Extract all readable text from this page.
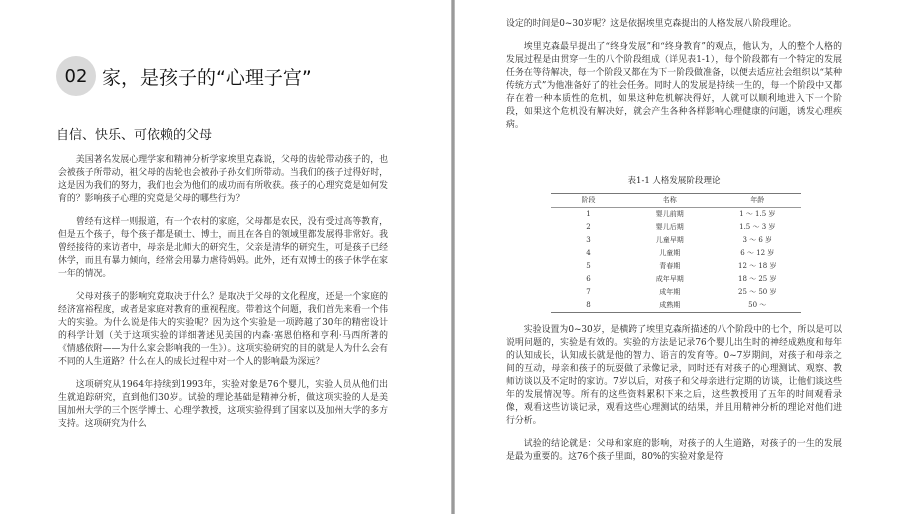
02 家，是孩子的“心理子宫”
自信、快乐、可依赖的父母

美国著名发展心理学家和精神分析学家埃里克森说，父母的齿轮带动孩子的，也会被孩子所带动，祖父母的齿轮也会被孙子孙女们所带动。当我们的孩子过得好时，这是因为我们的努力，我们也会为他们的成功而有所收获。孩子的心理究竟是如何发育的？影响孩子心理的究竟是父母的哪些行为？

曾经有这样一则报道，有一个农村的家庭，父母都是农民，没有受过高等教育，但是五个孩子，每个孩子都是硕士、博士，而且在各自的领域里都发展得非常好。我曾经接待的来访者中，母亲是北师大的研究生，父亲是清华的研究生，可是孩子已经休学，而且有暴力倾向，经常会用暴力虐待妈妈。此外，还有双博士的孩子休学在家一年的情况。

父母对孩子的影响究竟取决于什么？是取决于父母的文化程度，还是一个家庭的经济富裕程度，或者是家庭对教育的重视程度。带着这个问题，我们首先来看一个伟大的实验。为什么说是伟大的实验呢？因为这个实验是一项跨越了30年的精密设计的科学计划（关于这项实验的详细著述见美国的内森·塞恩伯格和亨利·马西所著的《情感依附——为什么家会影响我的一生》）。这项实验研究的目的就是人为什么会有不同的人生道路？什么在人的成长过程中对一个人的影响最为深远？

这项研究从1964年持续到1993年，实验对象是76个婴儿，实验人员从他们出生就追踪研究，直到他们30岁。试验的理论基础是精神分析，做这项实验的人是美国加州大学的三个医学博士、心理学教授，这项实验得到了国家以及加州大学的多方支持。这项研究为什么

设定的时间是0~30岁呢？这是依据埃里克森提出的人格发展八阶段理论。

埃里克森最早提出了“终身发展”和“终身教育”的观点，他认为，人的整个人格的发展过程是由贯穿一生的八个阶段组成（详见表1-1），每个阶段都有一个特定的发展任务在等待解决，每一个阶段又都在为下一阶段做准备，以便去适应社会组织以“某种传统方式”为他准备好了的社会任务。同时人的发展是持续一生的，每一个阶段中又都存在着一种本质性的危机，如果这种危机解决得好，人就可以顺利地进入下一个阶段，如果这个危机没有解决好，就会产生各种各样影响心理健康的问题，诱发心理疾病。

表1-1 人格发展阶段理论
阶段	名称	年龄
1	婴儿前期	1 ～ 1.5 岁
2	婴儿后期	1.5 ～ 3 岁
3	儿童早期	3 ～ 6 岁
4	儿童期	6 ～ 12 岁
5	青春期	12 ～ 18 岁
6	成年早期	18 ～ 25 岁
7	成年期	25 ～ 50 岁
8	成熟期	50 ～

实验设置为0~30岁，是横跨了埃里克森所描述的八个阶段中的七个，所以是可以说明问题的，实验是有效的。实验的方法是记录76个婴儿出生时的神经成熟度和每年的认知成长，认知成长就是他的智力、语言的发育等。0~7岁期间，对孩子和母亲之间的互动，母亲和孩子的玩耍做了录像记录，同时还有对孩子的心理测试、观察、教师访谈以及不定时的家访。7岁以后，对孩子和父母亲进行定期的访谈，让他们谈这些年的发展情况等。所有的这些资料累积下来之后，这些教授用了五年的时间观看录像，观看这些访谈记录，观看这些心理测试的结果，并且用精神分析的理论对他们进行分析。

试验的结论就是：父母和家庭的影响，对孩子的人生道路，对孩子的一生的发展是最为重要的。这76个孩子里面，80%的实验对象是符
